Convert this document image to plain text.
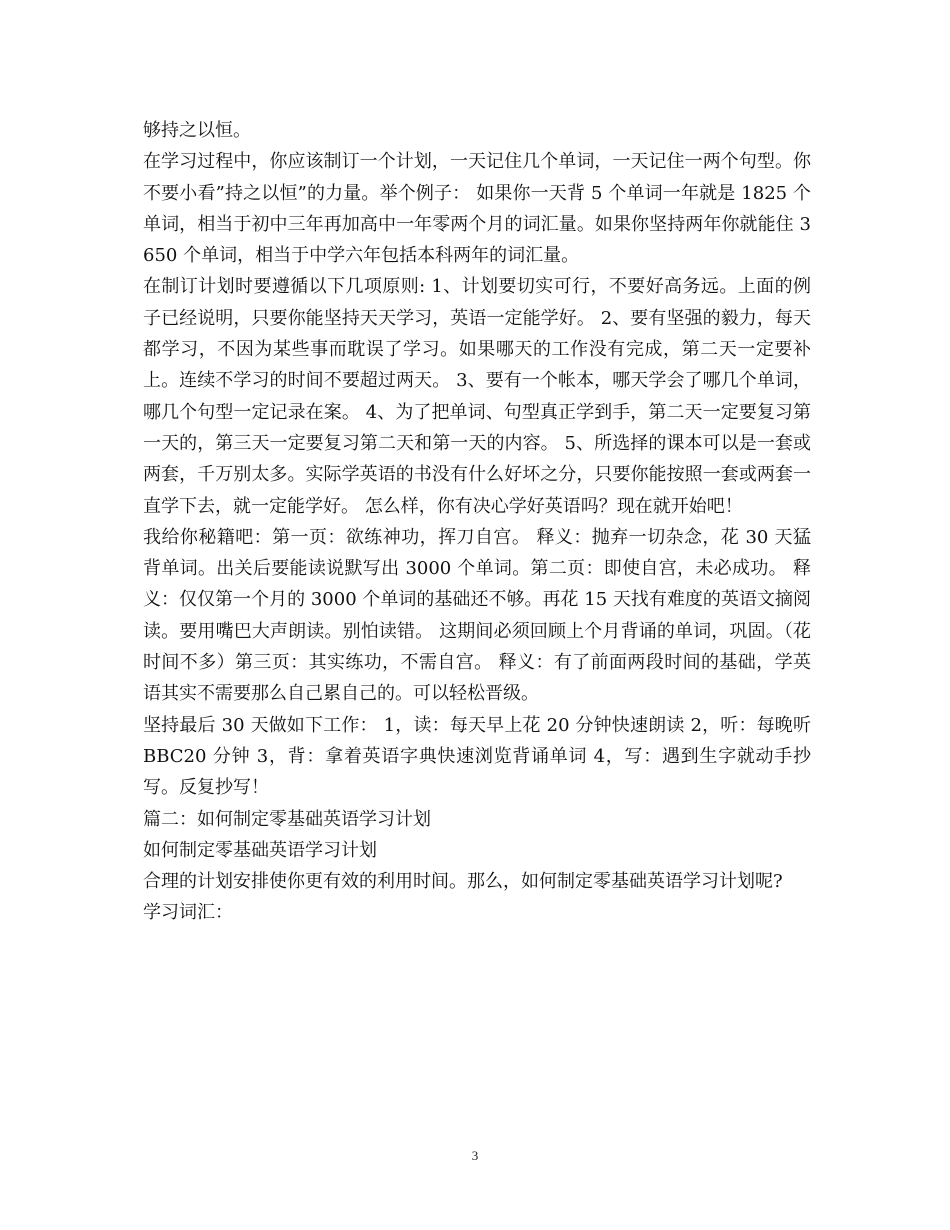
够持之以恒。

在学习过程中，你应该制订一个计划，一天记住几个单词，一天记住一两个句型。你不要小看”持之以恒”的力量。举个例子： 如果你一天背 5 个单词一年就是 1825 个单词，相当于初中三年再加高中一年零两个月的词汇量。如果你坚持两年你就能住 3650 个单词，相当于中学六年包括本科两年的词汇量。

在制订计划时要遵循以下几项原则: 1、计划要切实可行，不要好高务远。上面的例子已经说明，只要你能坚持天天学习，英语一定能学好。 2、要有坚强的毅力，每天都学习，不因为某些事而耽误了学习。如果哪天的工作没有完成，第二天一定要补上。连续不学习的时间不要超过两天。 3、要有一个帐本，哪天学会了哪几个单词，哪几个句型一定记录在案。 4、为了把单词、句型真正学到手，第二天一定要复习第一天的，第三天一定要复习第二天和第一天的内容。 5、所选择的课本可以是一套或两套，千万别太多。实际学英语的书没有什么好坏之分，只要你能按照一套或两套一直学下去，就一定能学好。 怎么样，你有决心学好英语吗？现在就开始吧！

我给你秘籍吧：第一页：欲练神功，挥刀自宫。 释义：抛弃一切杂念，花 30 天猛背单词。出关后要能读说默写出 3000 个单词。第二页：即使自宫，未必成功。 释义：仅仅第一个月的 3000 个单词的基础还不够。再花 15 天找有难度的英语文摘阅读。要用嘴巴大声朗读。别怕读错。 这期间必须回顾上个月背诵的单词，巩固。（花时间不多）第三页：其实练功，不需自宫。 释义：有了前面两段时间的基础，学英语其实不需要那么自己累自己的。可以轻松晋级。

坚持最后 30 天做如下工作： 1，读：每天早上花 20 分钟快速朗读 2，听：每晚听 BBC20 分钟 3，背：拿着英语字典快速浏览背诵单词 4，写：遇到生字就动手抄写。反复抄写！

篇二：如何制定零基础英语学习计划

如何制定零基础英语学习计划

合理的计划安排使你更有效的利用时间。那么，如何制定零基础英语学习计划呢?

学习词汇：

3
